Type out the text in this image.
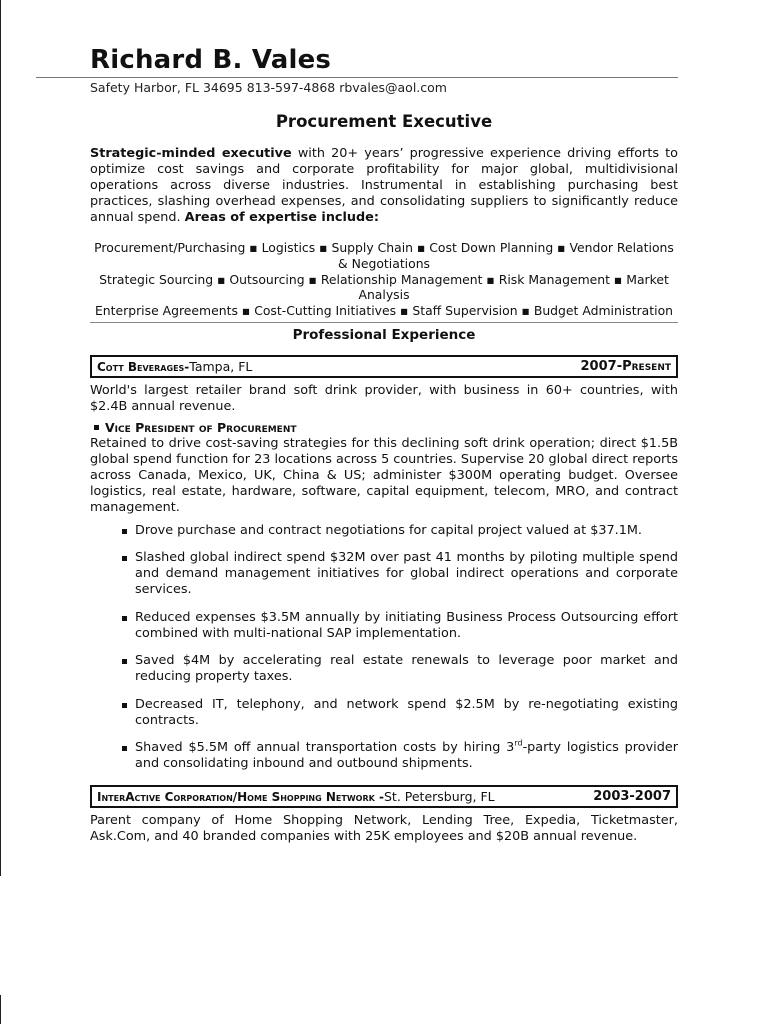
Richard B. Vales
Safety Harbor, FL 34695 813-597-4868 rbvales@aol.com
Procurement Executive
Strategic-minded executive with 20+ years’ progressive experience driving efforts to optimize cost savings and corporate profitability for major global, multidivisional operations across diverse industries. Instrumental in establishing purchasing best practices, slashing overhead expenses, and consolidating suppliers to significantly reduce annual spend. Areas of expertise include:
Procurement/Purchasing ▪ Logistics ▪ Supply Chain ▪ Cost Down Planning ▪ Vendor Relations & Negotiations
Strategic Sourcing ▪ Outsourcing ▪ Relationship Management ▪ Risk Management ▪ Market Analysis
Enterprise Agreements ▪ Cost-Cutting Initiatives ▪ Staff Supervision ▪ Budget Administration
Professional Experience
Cott Beverages-Tampa, FL	2007-Present
World's largest retailer brand soft drink provider, with business in 60+ countries, with $2.4B annual revenue.
Vice President of Procurement
Retained to drive cost-saving strategies for this declining soft drink operation; direct $1.5B global spend function for 23 locations across 5 countries. Supervise 20 global direct reports across Canada, Mexico, UK, China & US; administer $300M operating budget. Oversee logistics, real estate, hardware, software, capital equipment, telecom, MRO, and contract management.
Drove purchase and contract negotiations for capital project valued at $37.1M.
Slashed global indirect spend $32M over past 41 months by piloting multiple spend and demand management initiatives for global indirect operations and corporate services.
Reduced expenses $3.5M annually by initiating Business Process Outsourcing effort combined with multi-national SAP implementation.
Saved $4M by accelerating real estate renewals to leverage poor market and reducing property taxes.
Decreased IT, telephony, and network spend $2.5M by re-negotiating existing contracts.
Shaved $5.5M off annual transportation costs by hiring 3rd-party logistics provider and consolidating inbound and outbound shipments.
InterActive Corporation/Home Shopping Network -St. Petersburg, FL	2003-2007
Parent company of Home Shopping Network, Lending Tree, Expedia, Ticketmaster, Ask.Com, and 40 branded companies with 25K employees and $20B annual revenue.
